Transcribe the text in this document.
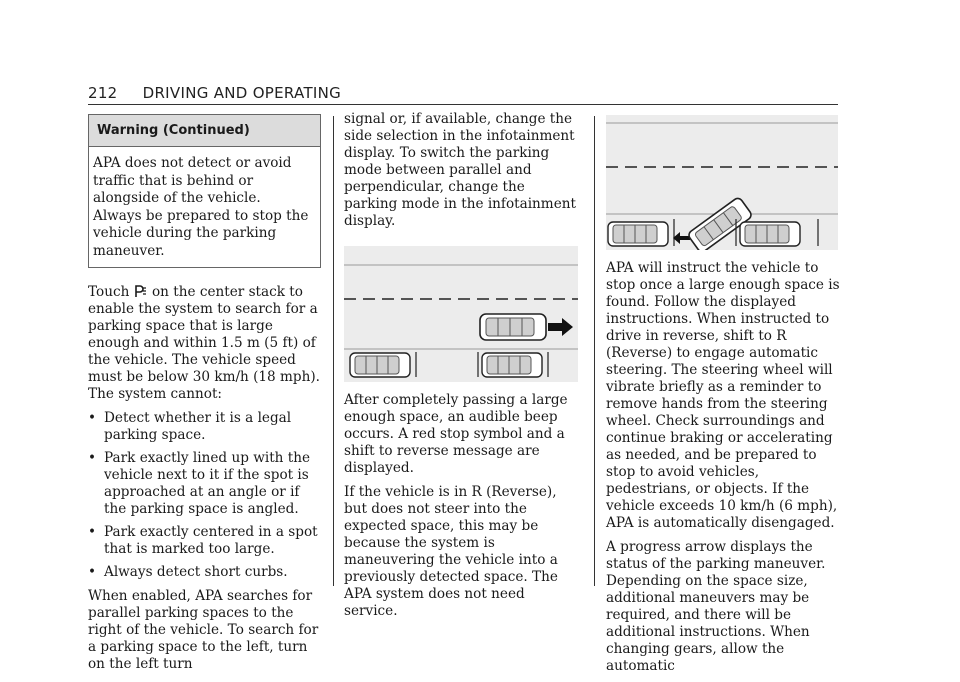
212 DRIVING AND OPERATING
Warning (Continued)
APA does not detect or avoid traffic that is behind or alongside of the vehicle. Always be prepared to stop the vehicle during the parking maneuver.

Touch on the center stack to enable the system to search for a parking space that is large enough and within 1.5 m (5 ft) of the vehicle. The vehicle speed must be below 30 km/h (18 mph). The system cannot:

• Detect whether it is a legal parking space.
• Park exactly lined up with the vehicle next to it if the spot is approached at an angle or if the parking space is angled.
• Park exactly centered in a spot that is marked too large.
• Always detect short curbs.

When enabled, APA searches for parallel parking spaces to the right of the vehicle. To search for a parking space to the left, turn on the left turn

signal or, if available, change the side selection in the infotainment display. To switch the parking mode between parallel and perpendicular, change the parking mode in the infotainment display.

After completely passing a large enough space, an audible beep occurs. A red stop symbol and a shift to reverse message are displayed.

If the vehicle is in R (Reverse), but does not steer into the expected space, this may be because the system is maneuvering the vehicle into a previously detected space. The APA system does not need service.

APA will instruct the vehicle to stop once a large enough space is found. Follow the displayed instructions. When instructed to drive in reverse, shift to R (Reverse) to engage automatic steering. The steering wheel will vibrate briefly as a reminder to remove hands from the steering wheel. Check surroundings and continue braking or accelerating as needed, and be prepared to stop to avoid vehicles, pedestrians, or objects. If the vehicle exceeds 10 km/h (6 mph), APA is automatically disengaged.

A progress arrow displays the status of the parking maneuver. Depending on the space size, additional maneuvers may be required, and there will be additional instructions. When changing gears, allow the automatic
